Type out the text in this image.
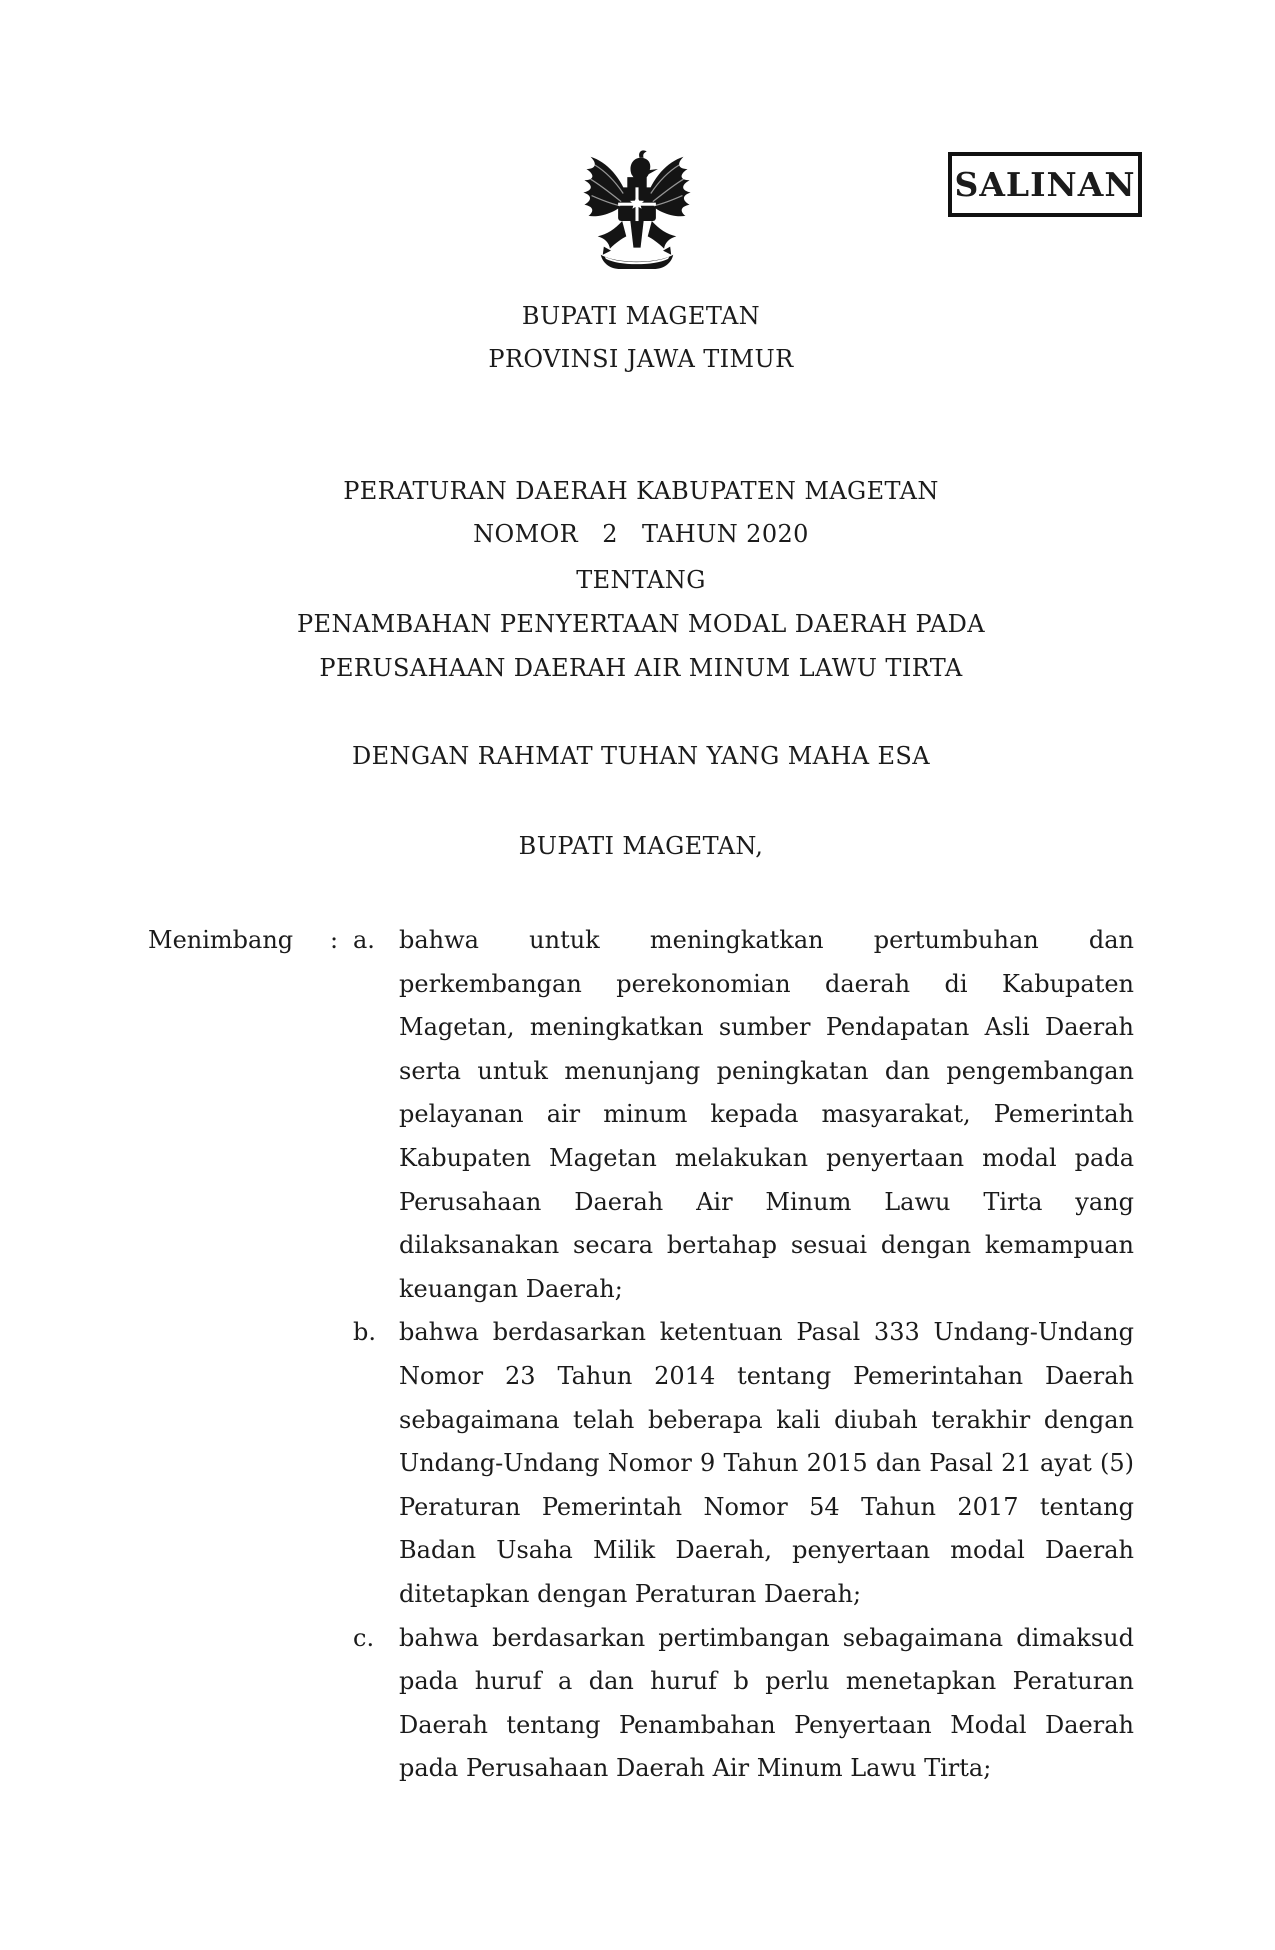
SALINAN
BUPATI MAGETAN
PROVINSI JAWA TIMUR
PERATURAN DAERAH KABUPATEN MAGETAN
NOMOR   2   TAHUN 2020
TENTANG
PENAMBAHAN PENYERTAAN MODAL DAERAH PADA
PERUSAHAAN DAERAH AIR MINUM LAWU TIRTA
DENGAN RAHMAT TUHAN YANG MAHA ESA
BUPATI MAGETAN,
Menimbang	: a.	bahwa untuk meningkatkan pertumbuhan dan perkembangan perekonomian daerah di Kabupaten Magetan, meningkatkan sumber Pendapatan Asli Daerah serta untuk menunjang peningkatan dan pengembangan pelayanan air minum kepada masyarakat, Pemerintah Kabupaten Magetan melakukan penyertaan modal pada Perusahaan Daerah Air Minum Lawu Tirta yang dilaksanakan secara bertahap sesuai dengan kemampuan keuangan Daerah;
b. bahwa berdasarkan ketentuan Pasal 333 Undang-Undang Nomor 23 Tahun 2014 tentang Pemerintahan Daerah sebagaimana telah beberapa kali diubah terakhir dengan Undang-Undang Nomor 9 Tahun 2015 dan Pasal 21 ayat (5) Peraturan Pemerintah Nomor 54 Tahun 2017 tentang Badan Usaha Milik Daerah, penyertaan modal Daerah ditetapkan dengan Peraturan Daerah;
c.	bahwa berdasarkan pertimbangan sebagaimana dimaksud pada huruf a dan huruf b perlu menetapkan Peraturan Daerah tentang Penambahan Penyertaan Modal Daerah pada Perusahaan Daerah Air Minum Lawu Tirta;
